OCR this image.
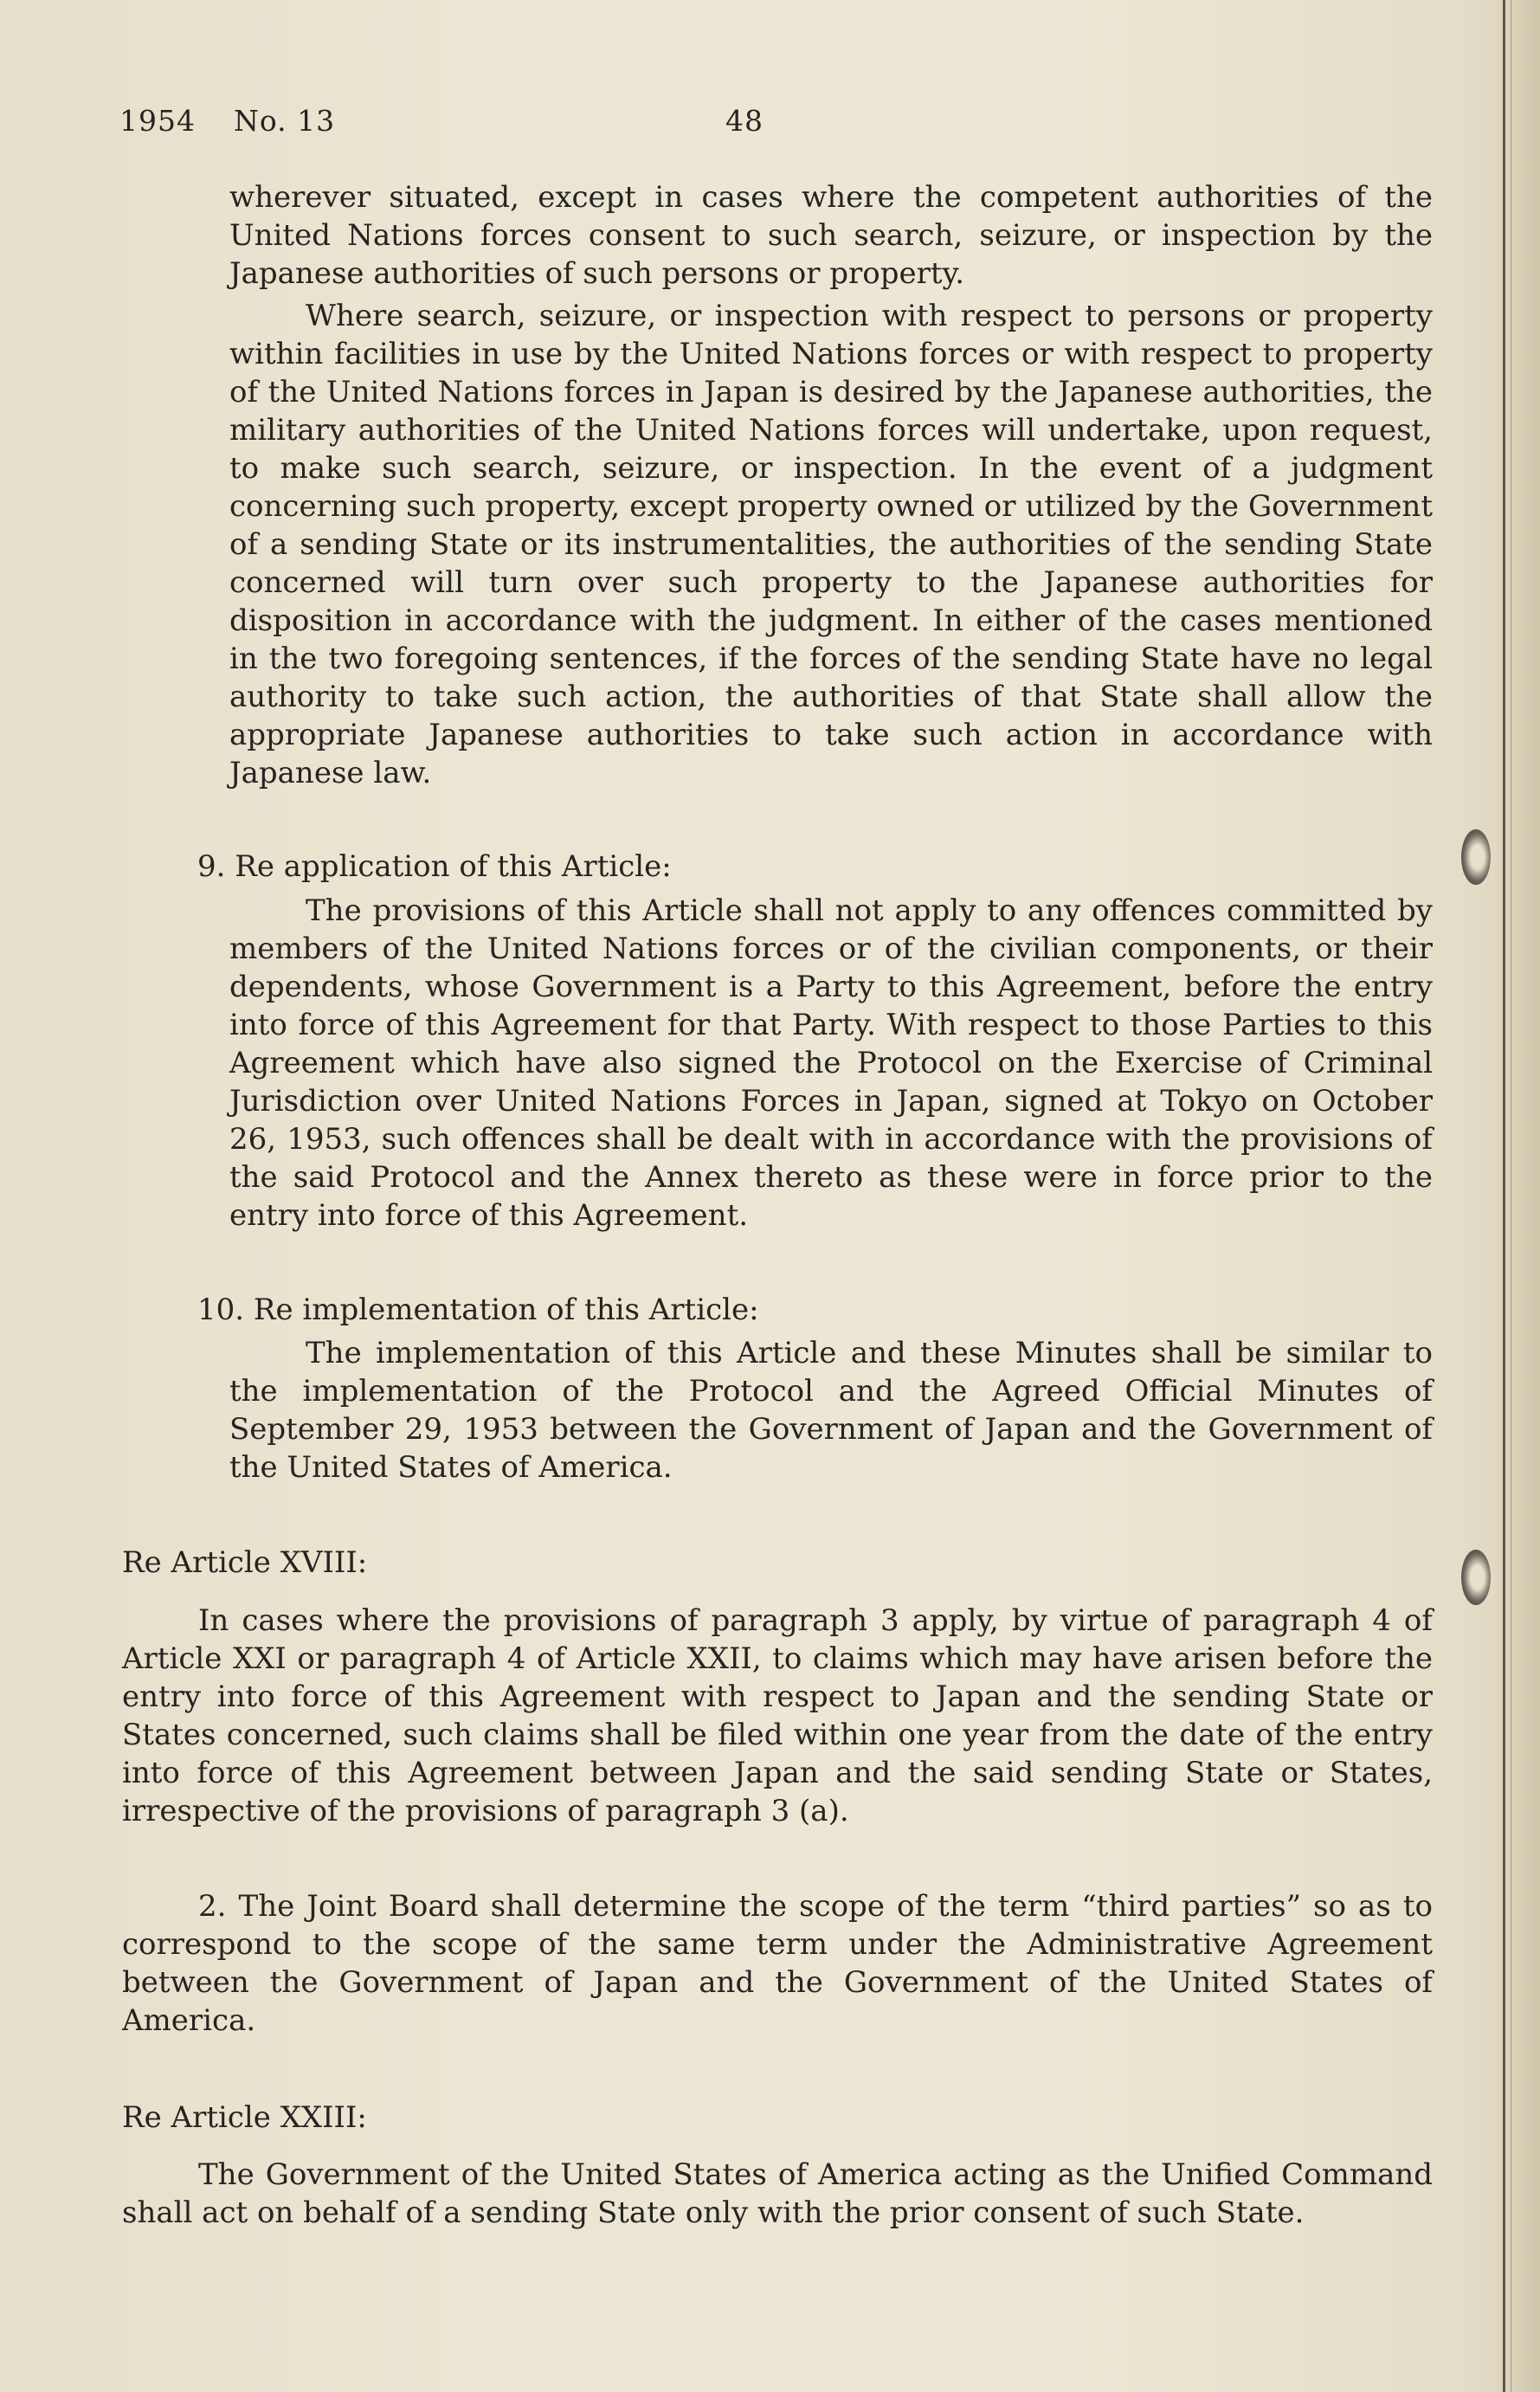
1954 No. 13	48

wherever situated, except in cases where the competent authorities of the United Nations forces consent to such search, seizure, or inspection by the Japanese authorities of such persons or property.

Where search, seizure, or inspection with respect to persons or property within facilities in use by the United Nations forces or with respect to property of the United Nations forces in Japan is desired by the Japanese authorities, the military authorities of the United Nations forces will undertake, upon request, to make such search, seizure, or inspection. In the event of a judgment concerning such property, except property owned or utilized by the Government of a sending State or its instrumentalities, the authorities of the sending State concerned will turn over such property to the Japanese authorities for disposition in accordance with the judgment. In either of the cases mentioned in the two foregoing sentences, if the forces of the sending State have no legal authority to take such action, the authorities of that State shall allow the appropriate Japanese authorities to take such action in accordance with Japanese law.

9. Re application of this Article:

The provisions of this Article shall not apply to any offences committed by members of the United Nations forces or of the civilian components, or their dependents, whose Government is a Party to this Agreement, before the entry into force of this Agreement for that Party. With respect to those Parties to this Agreement which have also signed the Protocol on the Exercise of Criminal Jurisdiction over United Nations Forces in Japan, signed at Tokyo on October 26, 1953, such offences shall be dealt with in accordance with the provisions of the said Protocol and the Annex thereto as these were in force prior to the entry into force of this Agreement.

10. Re implementation of this Article:

The implementation of this Article and these Minutes shall be similar to the implementation of the Protocol and the Agreed Official Minutes of September 29, 1953 between the Government of Japan and the Government of the United States of America.

Re Article XVIII:

In cases where the provisions of paragraph 3 apply, by virtue of paragraph 4 of Article XXI or paragraph 4 of Article XXII, to claims which may have arisen before the entry into force of this Agreement with respect to Japan and the sending State or States concerned, such claims shall be filed within one year from the date of the entry into force of this Agreement between Japan and the said sending State or States, irrespective of the provisions of paragraph 3 (a).

2. The Joint Board shall determine the scope of the term “third parties” so as to correspond to the scope of the same term under the Administrative Agreement between the Government of Japan and the Government of the United States of America.

Re Article XXIII:

The Government of the United States of America acting as the Unified Command shall act on behalf of a sending State only with the prior consent of such State.
